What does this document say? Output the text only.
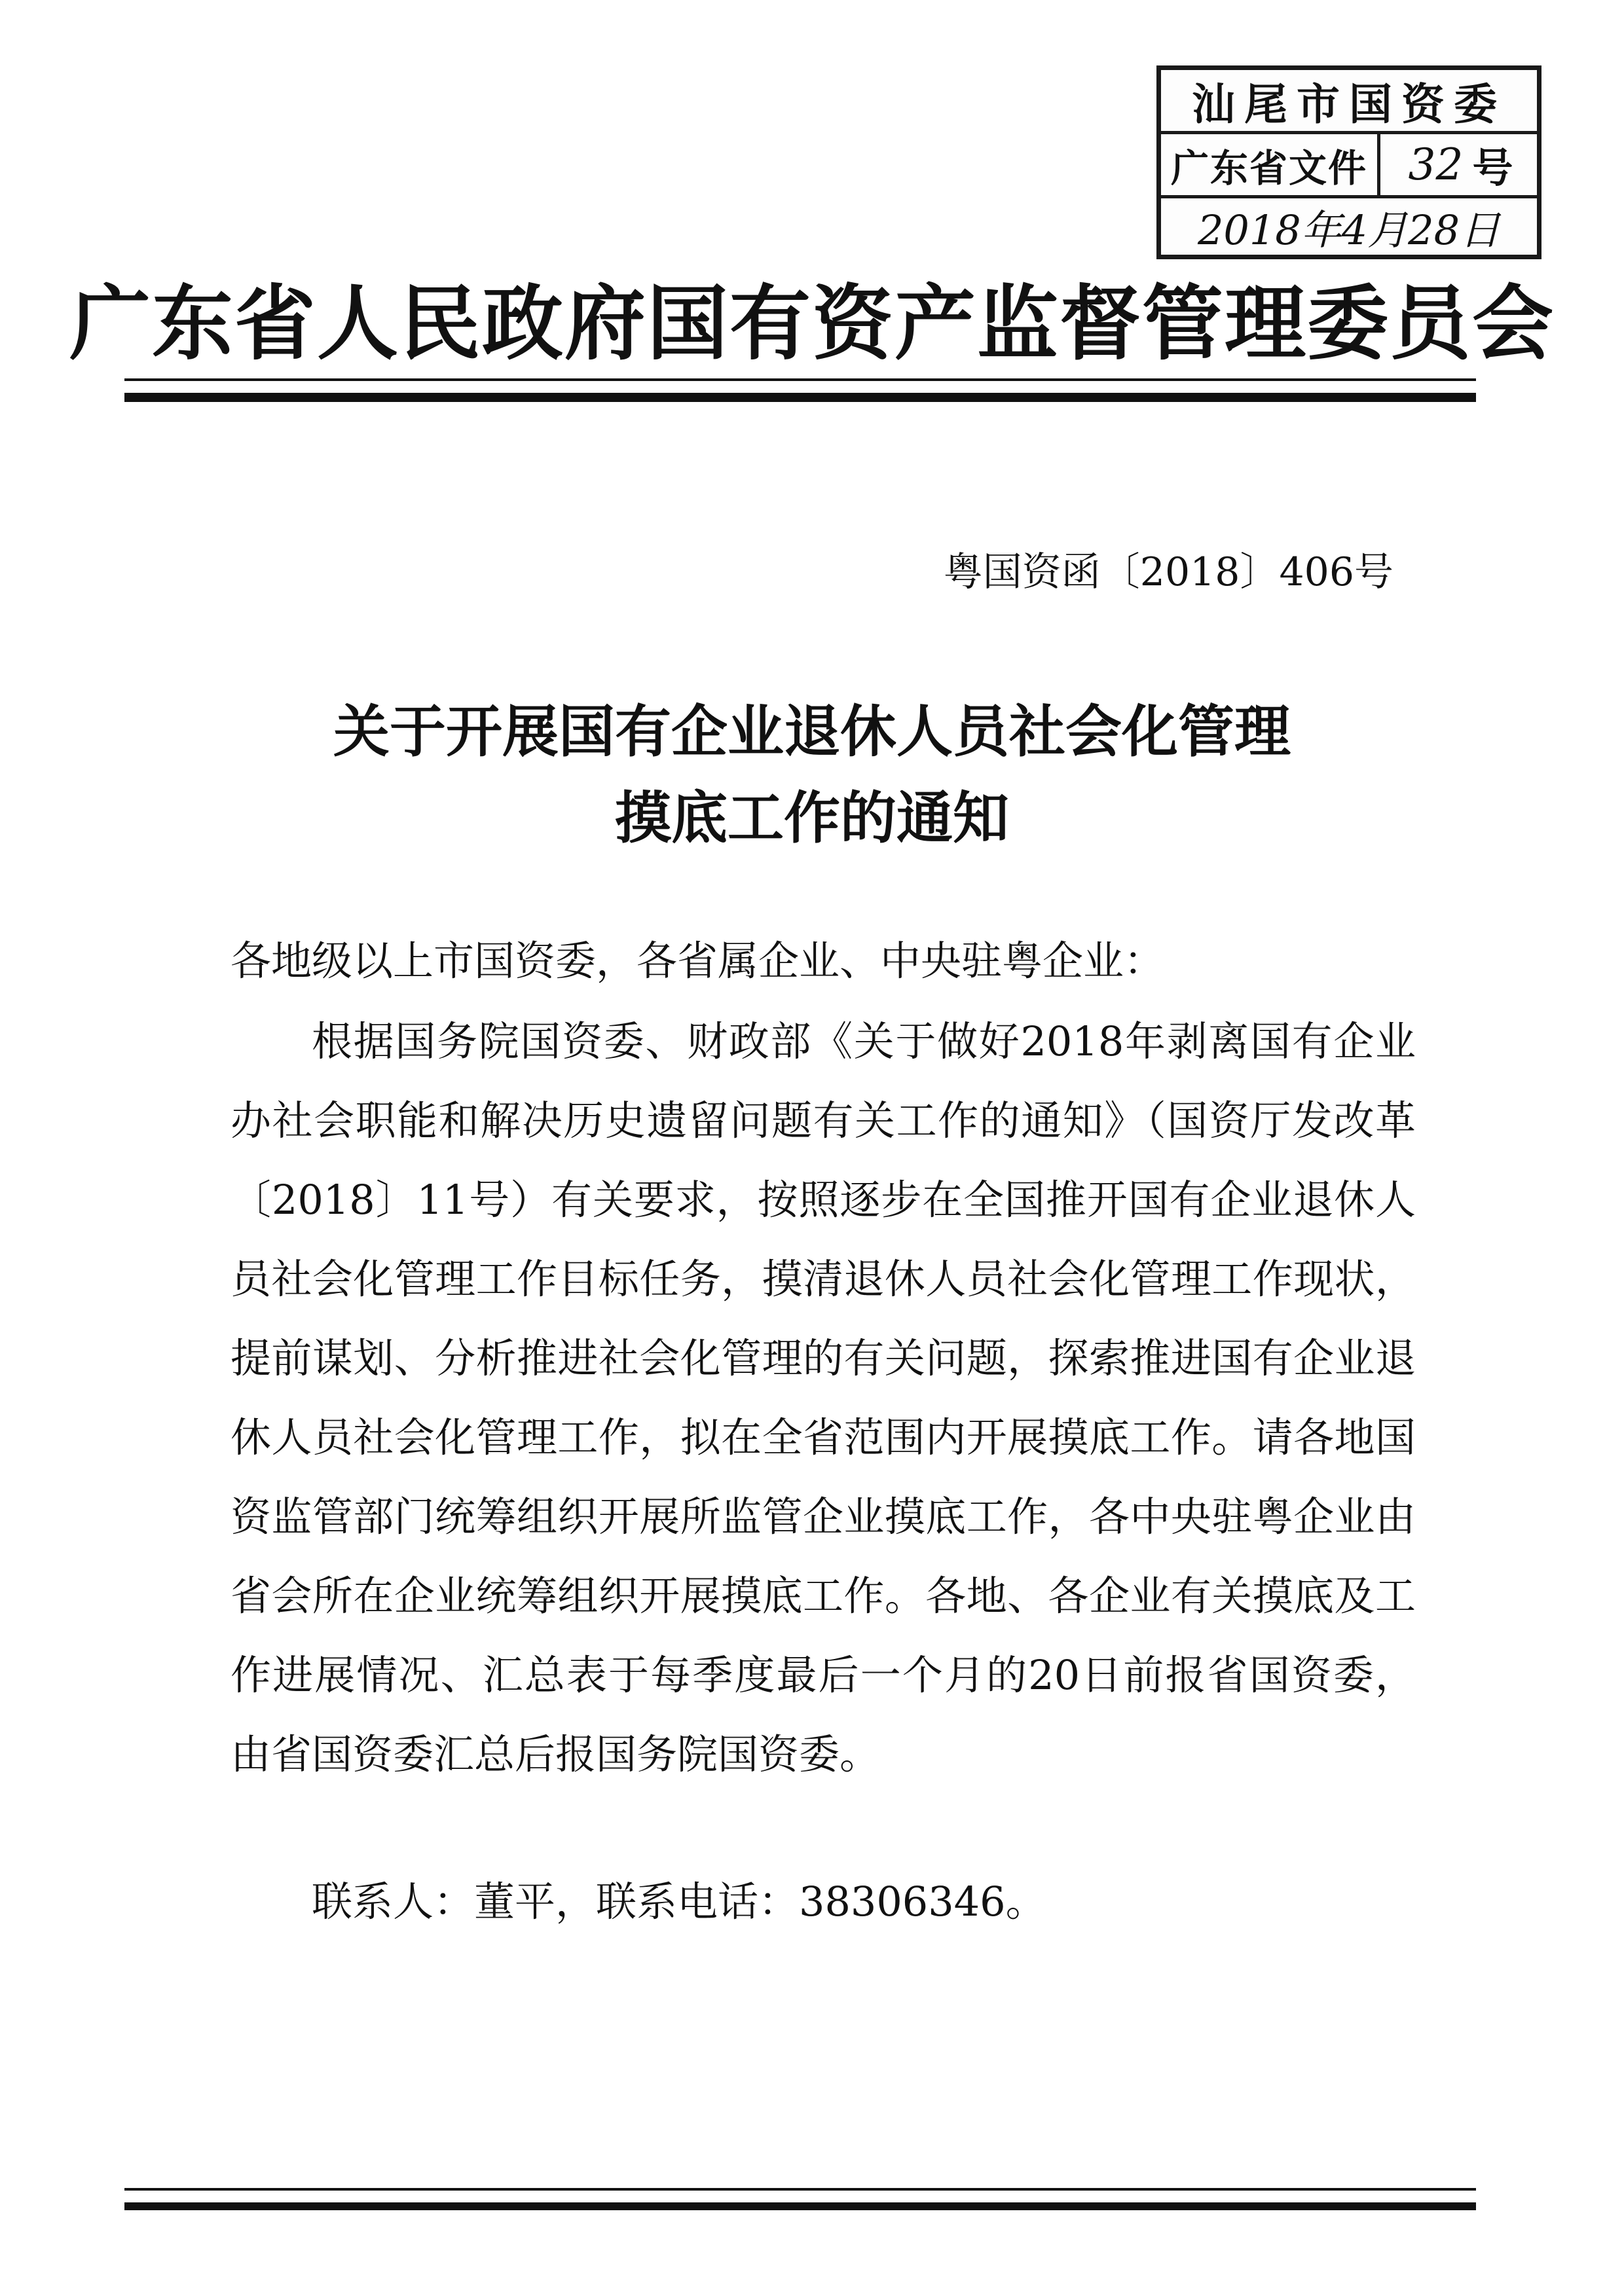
汕尾市国资委
广东省文件 32 号
2018年4月28日
广东省人民政府国有资产监督管理委员会
粤国资函〔2018〕406号
关于开展国有企业退休人员社会化管理
摸底工作的通知
各地级以上市国资委，各省属企业、中央驻粤企业：
根据国务院国资委、财政部《关于做好2018年剥离国有企业办社会职能和解决历史遗留问题有关工作的通知》（国资厅发改革〔2018〕11号）有关要求，按照逐步在全国推开国有企业退休人员社会化管理工作目标任务，摸清退休人员社会化管理工作现状，提前谋划、分析推进社会化管理的有关问题，探索推进国有企业退休人员社会化管理工作，拟在全省范围内开展摸底工作。请各地国资监管部门统筹组织开展所监管企业摸底工作，各中央驻粤企业由省会所在企业统筹组织开展摸底工作。各地、各企业有关摸底及工作进展情况、汇总表于每季度最后一个月的20日前报省国资委，由省国资委汇总后报国务院国资委。
联系人：董平，联系电话：38306346。
